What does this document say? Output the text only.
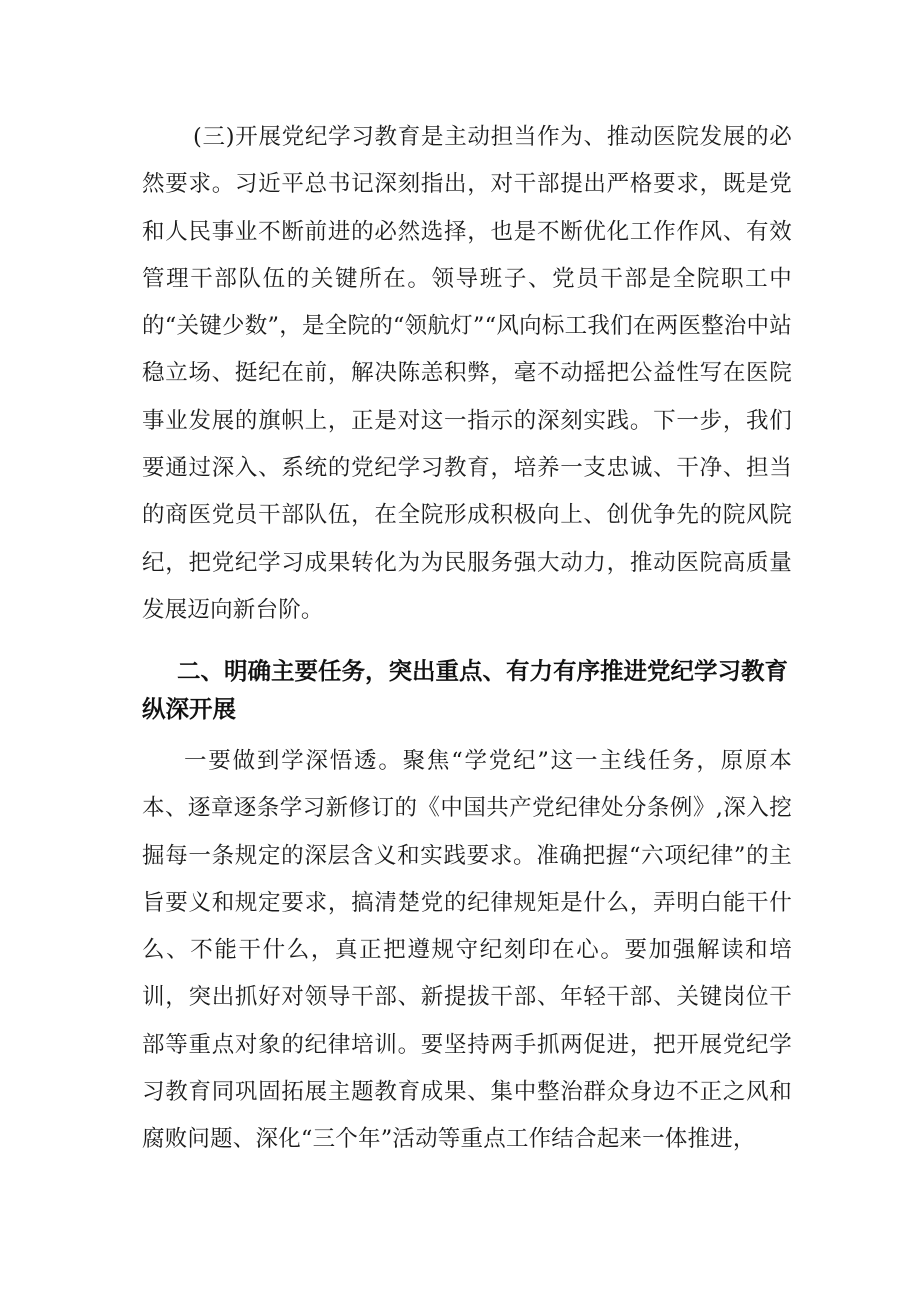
(三)开展党纪学习教育是主动担当作为、推动医院发展的必然要求。习近平总书记深刻指出，对干部提出严格要求，既是党和人民事业不断前进的必然选择，也是不断优化工作作风、有效管理干部队伍的关键所在。领导班子、党员干部是全院职工中的“关键少数”，是全院的“领航灯”“风向标工我们在两医整治中站稳立场、挺纪在前，解决陈恙积弊，毫不动摇把公益性写在医院事业发展的旗帜上，正是对这一指示的深刻实践。下一步，我们要通过深入、系统的党纪学习教育，培养一支忠诚、干净、担当的商医党员干部队伍，在全院形成积极向上、创优争先的院风院纪，把党纪学习成果转化为为民服务强大动力，推动医院高质量发展迈向新台阶。

二、明确主要任务，突出重点、有力有序推进党纪学习教育纵深开展

一要做到学深悟透。聚焦“学党纪”这一主线任务，原原本本、逐章逐条学习新修订的《中国共产党纪律处分条例》,深入挖掘每一条规定的深层含义和实践要求。准确把握“六项纪律”的主旨要义和规定要求，搞清楚党的纪律规矩是什么，弄明白能干什么、不能干什么，真正把遵规守纪刻印在心。要加强解读和培训，突出抓好对领导干部、新提拔干部、年轻干部、关键岗位干部等重点对象的纪律培训。要坚持两手抓两促进，把开展党纪学习教育同巩固拓展主题教育成果、集中整治群众身边不正之风和腐败问题、深化“三个年”活动等重点工作结合起来一体推进，
